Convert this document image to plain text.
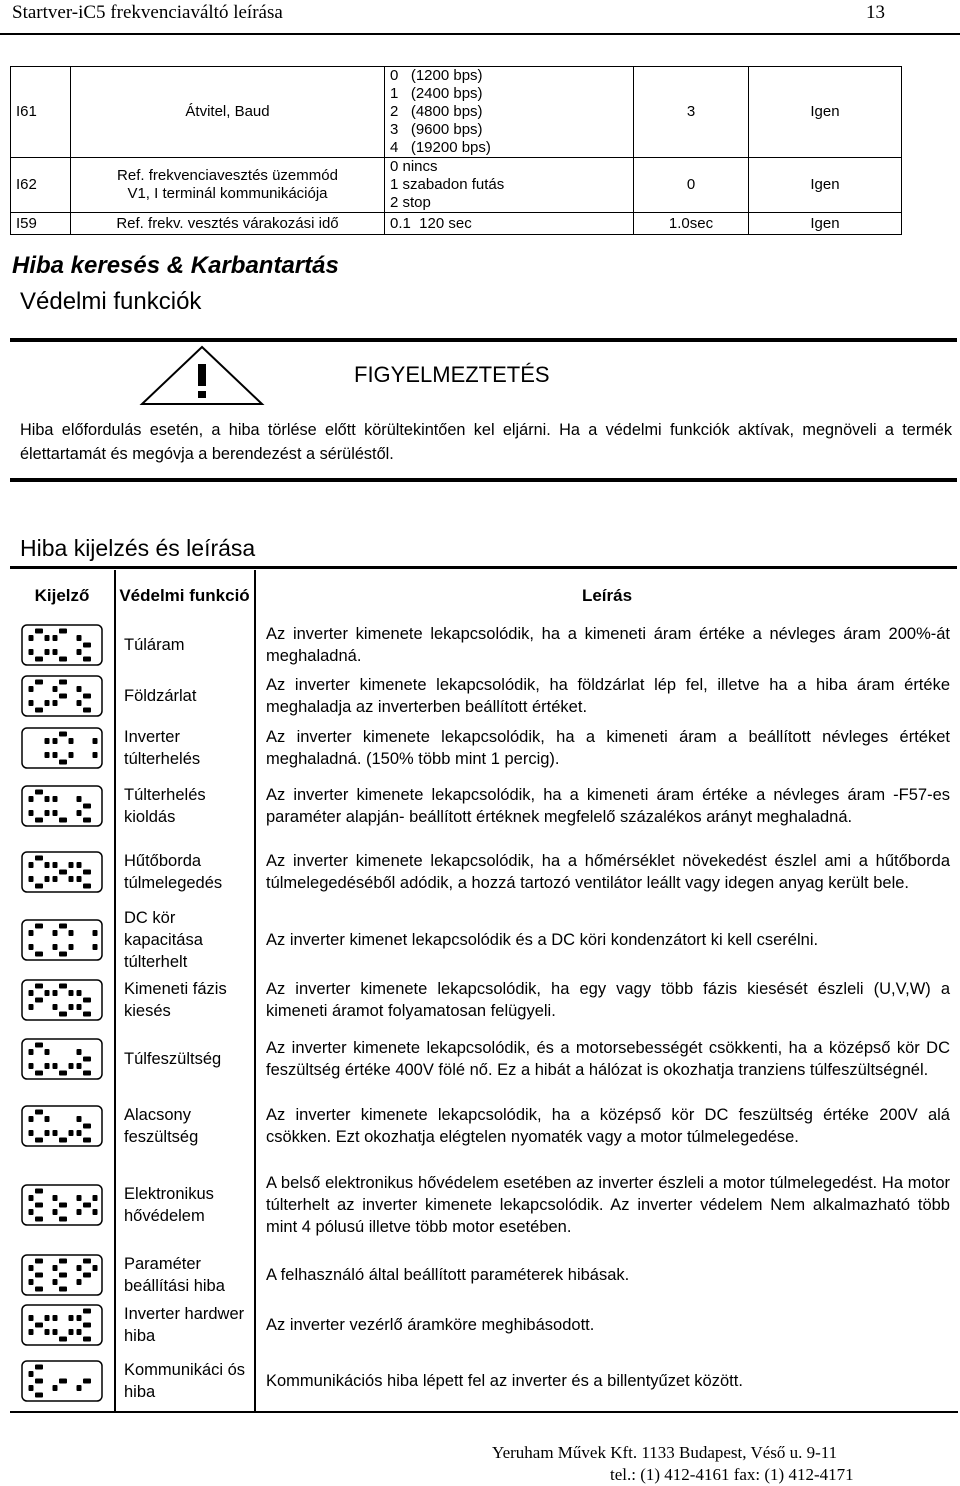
Startver-iC5 frekvenciaváltó leírása	13
I61	Átvitel, Baud	0   (1200 bps)
1   (2400 bps)
2   (4800 bps)
3   (9600 bps)
4   (19200 bps)	3	Igen
I62	Ref. frekvenciavesztés üzemmód V1, I terminál kommunikációja	0 nincs
1 szabadon futás
2 stop	0	Igen
I59	Ref. frekv. vesztés várakozási idő	0.1  120 sec	1.0sec	Igen
Hiba keresés & Karbantartás
Védelmi funkciók
FIGYELMEZTETÉS
Hiba előfordulás esetén, a hiba törlése előtt körültekintően kel eljárni. Ha a védelmi funkciók aktívak, megnöveli a termék élettartamát és megóvja a berendezést a sérüléstől.
Hiba kijelzés és leírása
Kijelző	Védelmi funkció	Leírás

	Túláram	Az inverter kimenete lekapcsolódik, ha a kimeneti áram értéke a névleges áram 200%-át meghaladná.

	Földzárlat	Az inverter kimenete lekapcsolódik, ha földzárlat lép fel, illetve ha a hiba áram értéke meghaladja az inverterben beállított értéket.

	Inverter túlterhelés	Az inverter kimenete lekapcsolódik, ha a kimeneti áram a beállított névleges értéket meghaladná. (150% több mint 1 percig).

	Túlterhelés kioldás	Az inverter kimenete lekapcsolódik, ha a kimeneti áram értéke a névleges áram -F57-es paraméter alapján- beállított értéknek megfelelő százalékos arányt meghaladná.

	Hűtőborda túlmelegedés	Az inverter kimenete lekapcsolódik, ha a hőmérséklet növekedést észlel ami a hűtőborda túlmelegedéséből adódik, a hozzá tartozó ventilátor leállt vagy idegen anyag került bele.

	DC kör kapacitása túlterhelt	Az inverter kimenet lekapcsolódik és a DC köri kondenzátort ki kell cserélni.

	Kimeneti fázis kiesés	Az inverter kimenete lekapcsolódik, ha egy vagy több fázis kiesését észleli (U,V,W) a kimeneti áramot folyamatosan felügyeli.

	Túlfeszültség	Az inverter kimenete lekapcsolódik, és a motorsebességét csökkenti, ha a középső kör DC feszültség értéke 400V fölé nő. Ez a hibát a hálózat is okozhatja tranziens túlfeszültségnél.

	Alacsony feszültség	Az inverter kimenete lekapcsolódik, ha a középső kör DC feszültség értéke 200V alá csökken. Ezt okozhatja elégtelen nyomaték vagy a motor túlmelegedése.

	Elektronikus hővédelem	A belső elektronikus hővédelem esetében az inverter észleli a motor túlmelegedést. Ha motor túlterhelt az inverter kimenete lekapcsolódik. Az inverter védelem Nem alkalmazható több mint 4 pólusú illetve több motor esetében.

	Paraméter beállítási hiba	A felhasználó által beállított paraméterek hibásak.

	Inverter hardwer hiba	Az inverter vezérlő áramköre meghibásodott.

	Kommunikáci ós hiba	Kommunikációs hiba lépett fel az inverter és a billentyűzet között.
Yeruham Művek Kft. 1133 Budapest, Véső u. 9-11
tel.: (1) 412-4161 fax: (1) 412-4171
